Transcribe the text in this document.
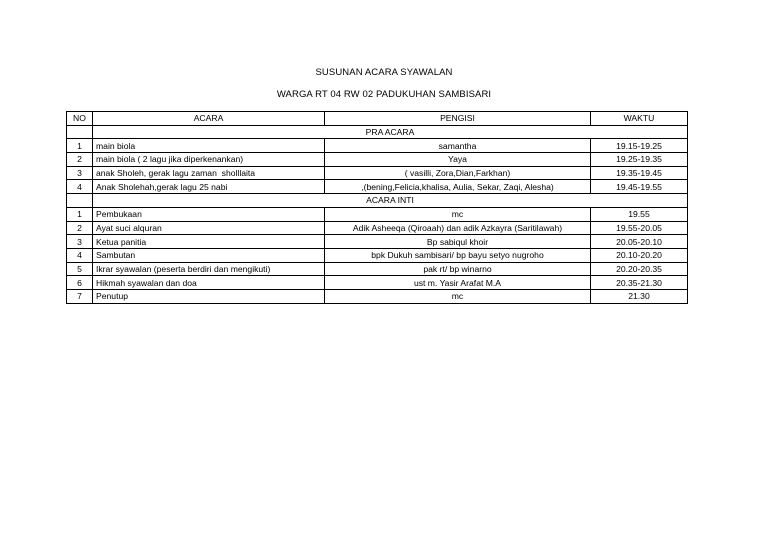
SUSUNAN ACARA SYAWALAN
WARGA RT 04 RW 02 PADUKUHAN SAMBISARI
NO	ACARA	PENGISI	WAKTU
	PRA ACARA		
1	main biola	samantha	19.15-19.25
2	main biola ( 2 lagu jika diperkenankan)	Yaya	19.25-19.35
3	anak Sholeh, gerak lagu zaman  sholllaita	( vasilli, Zora,Dian,Farkhan)	19.35-19.45
4	Anak Sholehah,gerak lagu 25 nabi	,(bening,Felicia,khalisa, Aulia, Sekar, Zaqi, Alesha)	19.45-19.55
	ACARA INTI		
1	Pembukaan	mc	19.55
2	Ayat suci alquran	Adik Asheeqa (Qiroaah) dan adik Azkayra (Saritilawah)	19.55-20.05
3	Ketua panitia	Bp sabiqul khoir	20.05-20.10
4	Sambutan	bpk Dukuh sambisari/ bp bayu setyo nugroho	20.10-20.20
5	Ikrar syawalan (peserta berdiri dan mengikuti)	pak rt/ bp winarno	20.20-20.35
6	Hikmah syawalan dan doa	ust m. Yasir Arafat M.A	20.35-21.30
7	Penutup	mc	21.30
